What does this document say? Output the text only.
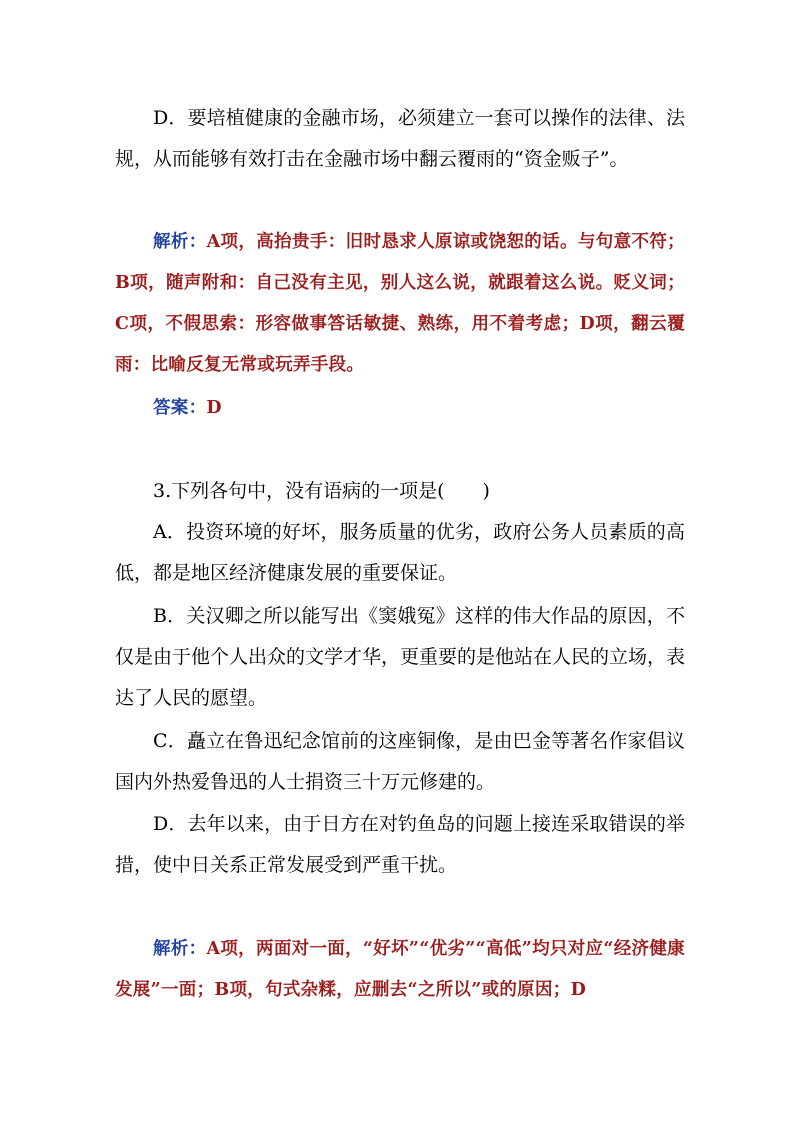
D．要培植健康的金融市场，必须建立一套可以操作的法律、法规，从而能够有效打击在金融市场中翻云覆雨的“资金贩子”。

解析：A项，高抬贵手：旧时恳求人原谅或饶恕的话。与句意不符；B项，随声附和：自己没有主见，别人这么说，就跟着这么说。贬义词；C项，不假思索：形容做事答话敏捷、熟练，用不着考虑；D项，翻云覆雨：比喻反复无常或玩弄手段。

答案：D

3.下列各句中，没有语病的一项是(　　)

A．投资环境的好坏，服务质量的优劣，政府公务人员素质的高低，都是地区经济健康发展的重要保证。

B．关汉卿之所以能写出《窦娥冤》这样的伟大作品的原因，不仅是由于他个人出众的文学才华，更重要的是他站在人民的立场，表达了人民的愿望。

C．矗立在鲁迅纪念馆前的这座铜像，是由巴金等著名作家倡议国内外热爱鲁迅的人士捐资三十万元修建的。

D．去年以来，由于日方在对钓鱼岛的问题上接连采取错误的举措，使中日关系正常发展受到严重干扰。

解析：A项，两面对一面，“好坏”“优劣”“高低”均只对应“经济健康发展”一面；B项，句式杂糅，应删去“之所以”或的原因；D
